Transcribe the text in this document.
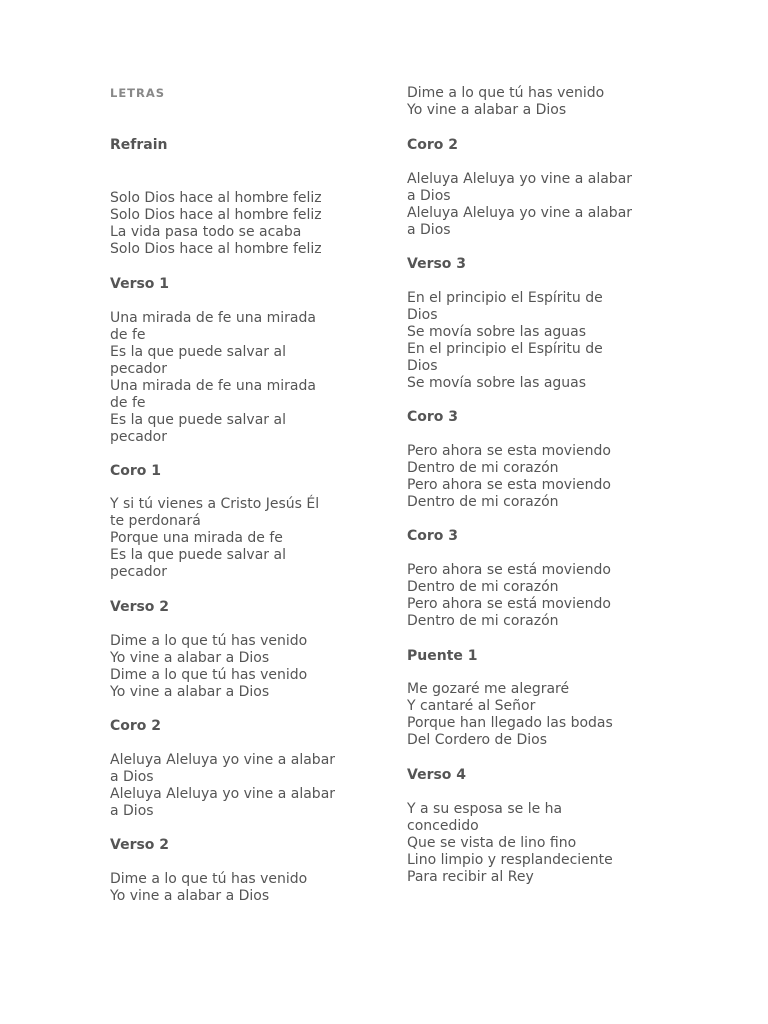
LETRAS
Refrain
Solo Dios hace al hombre feliz
Solo Dios hace al hombre feliz
La vida pasa todo se acaba
Solo Dios hace al hombre feliz
Verso 1
Una mirada de fe una mirada
de fe
Es la que puede salvar al
pecador
Una mirada de fe una mirada
de fe
Es la que puede salvar al
pecador
Coro 1
Y si tú vienes a Cristo Jesús Él
te perdonará
Porque una mirada de fe
Es la que puede salvar al
pecador
Verso 2
Dime a lo que tú has venido
Yo vine a alabar a Dios
Dime a lo que tú has venido
Yo vine a alabar a Dios
Coro 2
Aleluya Aleluya yo vine a alabar
a Dios
Aleluya Aleluya yo vine a alabar
a Dios
Verso 2
Dime a lo que tú has venido
Yo vine a alabar a Dios
Dime a lo que tú has venido
Yo vine a alabar a Dios
Coro 2
Aleluya Aleluya yo vine a alabar
a Dios
Aleluya Aleluya yo vine a alabar
a Dios
Verso 3
En el principio el Espíritu de
Dios
Se movía sobre las aguas
En el principio el Espíritu de
Dios
Se movía sobre las aguas
Coro 3
Pero ahora se esta moviendo
Dentro de mi corazón
Pero ahora se esta moviendo
Dentro de mi corazón
Coro 3
Pero ahora se está moviendo
Dentro de mi corazón
Pero ahora se está moviendo
Dentro de mi corazón
Puente 1
Me gozaré me alegraré
Y cantaré al Señor
Porque han llegado las bodas
Del Cordero de Dios
Verso 4
Y a su esposa se le ha
concedido
Que se vista de lino fino
Lino limpio y resplandeciente
Para recibir al Rey
